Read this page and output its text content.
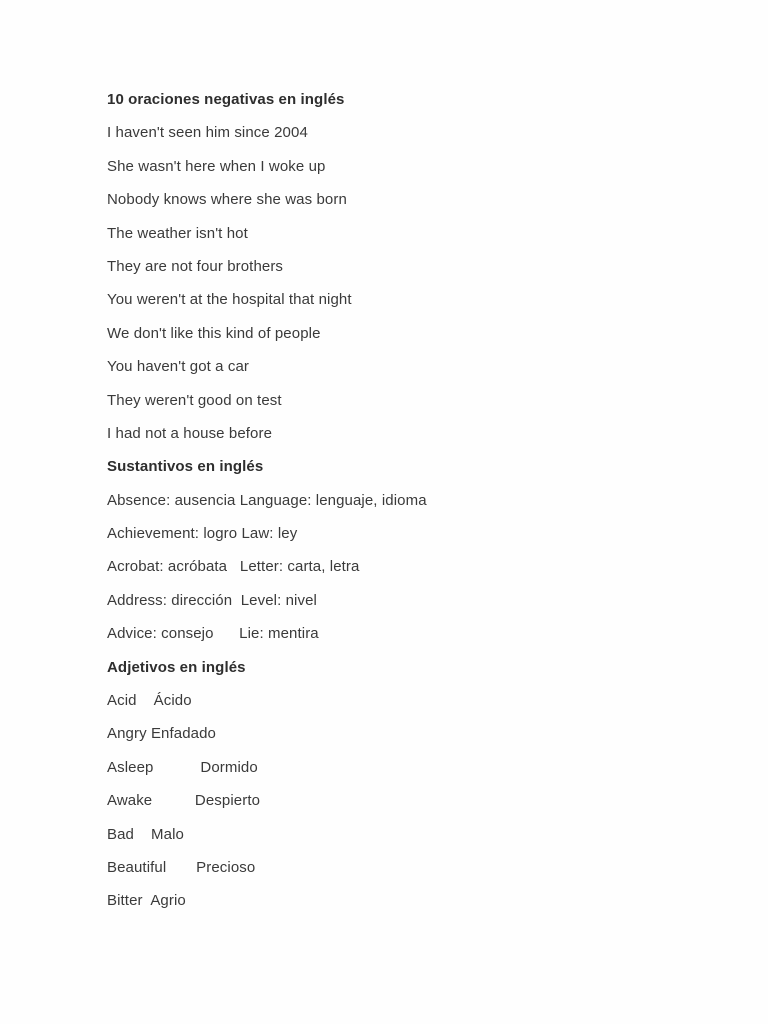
10 oraciones negativas en inglés
I haven't seen him since 2004
She wasn't here when I woke up
Nobody knows where she was born
The weather isn't hot
They are not four brothers
You weren't at the hospital that night
We don't like this kind of people
You haven't got a car
They weren't good on test
I had not a house before
Sustantivos en inglés
Absence: ausencia Language: lenguaje, idioma
Achievement: logro Law: ley
Acrobat: acróbata   Letter: carta, letra
Address: dirección  Level: nivel
Advice: consejo      Lie: mentira
Adjetivos en inglés
Acid    Ácido
Angry Enfadado
Asleep           Dormido
Awake          Despierto
Bad    Malo
Beautiful       Precioso
Bitter  Agrio
